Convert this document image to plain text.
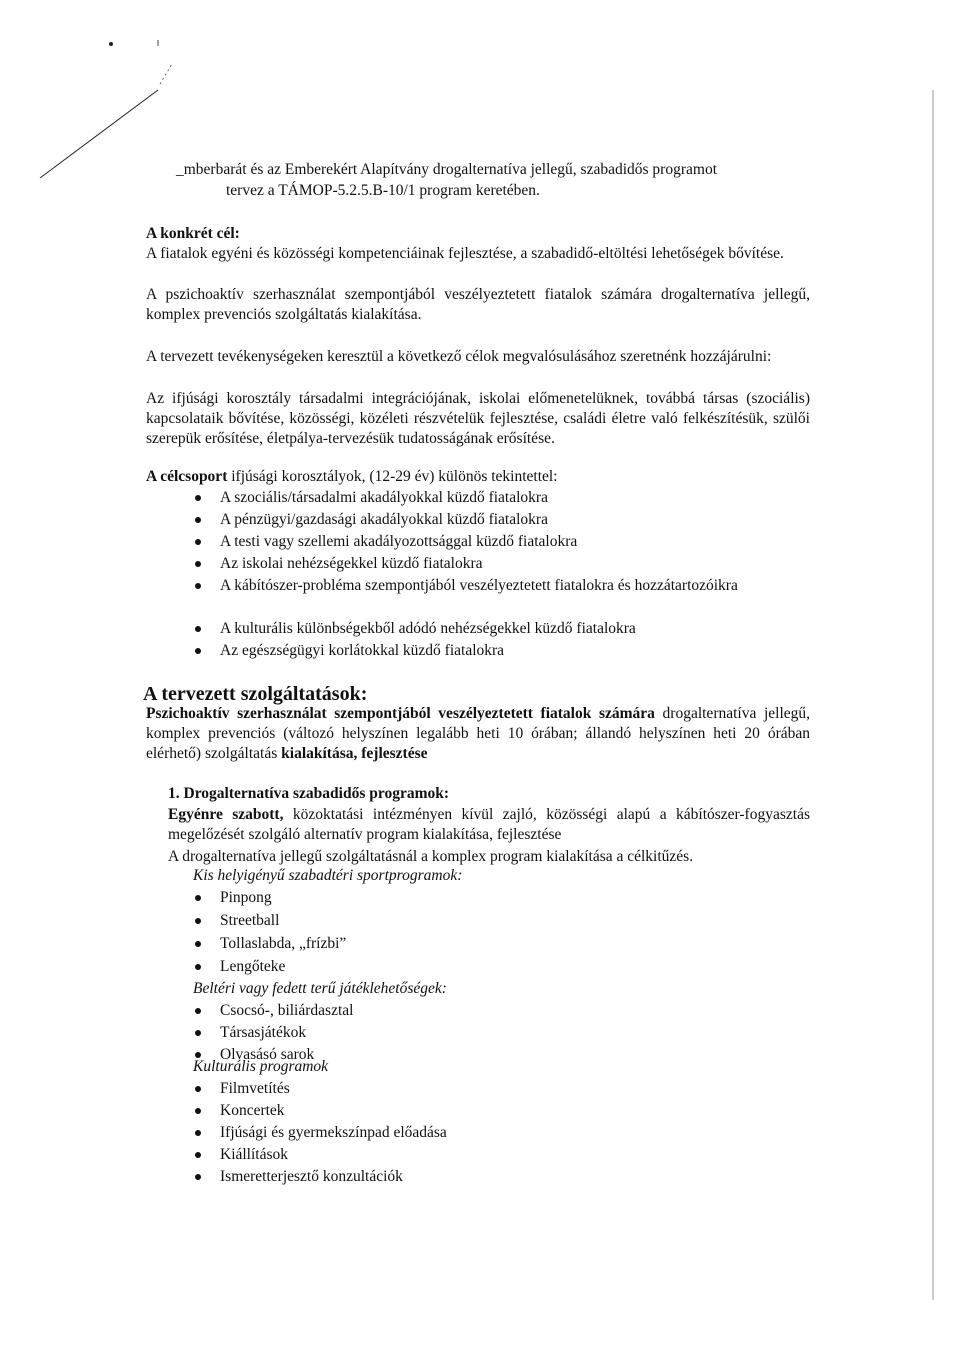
_mberbarát és az Emberekért Alapítvány drogalternatíva jellegű, szabadidős programot
tervez a TÁMOP-5.2.5.B-10/1 program keretében.
A konkrét cél:
A fiatalok egyéni és közösségi kompetenciáinak fejlesztése, a szabadidő-eltöltési lehetőségek bővítése.
A pszichoaktív szerhasználat szempontjából veszélyeztetett fiatalok számára drogalternatíva jellegű, komplex prevenciós szolgáltatás kialakítása.
A tervezett tevékenységeken keresztül a következő célok megvalósulásához szeretnénk hozzájárulni:
Az ifjúsági korosztály társadalmi integrációjának, iskolai előmenetelüknek, továbbá társas (szociális) kapcsolataik bővítése, közösségi, közéleti részvételük fejlesztése, családi életre való felkészítésük, szülői szerepük erősítése, életpálya-tervezésük tudatosságának erősítése.
A célcsoport ifjúsági korosztályok, (12-29 év) különös tekintettel:
A szociális/társadalmi akadályokkal küzdő fiatalokra
A pénzügyi/gazdasági akadályokkal küzdő fiatalokra
A testi vagy szellemi akadályozottsággal küzdő fiatalokra
Az iskolai nehézségekkel küzdő fiatalokra
A kábítószer-probléma szempontjából veszélyeztetett fiatalokra és hozzátartozóikra
A kulturális különbségekből adódó nehézségekkel küzdő fiatalokra
Az egészségügyi korlátokkal küzdő fiatalokra
A tervezett szolgáltatások:
Pszichoaktív szerhasználat szempontjából veszélyeztetett fiatalok számára drogalternatíva jellegű, komplex prevenciós (változó helyszínen legalább heti 10 órában; állandó helyszínen heti 20 órában elérhető) szolgáltatás kialakítása, fejlesztése
1. Drogalternatíva szabadidős programok:
Egyénre szabott, közoktatási intézményen kívül zajló, közösségi alapú a kábítószer-fogyasztás megelőzését szolgáló alternatív program kialakítása, fejlesztése
A drogalternatíva jellegű szolgáltatásnál a komplex program kialakítása a célkitűzés.
Kis helyigényű szabadtéri sportprogramok:
Pinpong
Streetball
Tollaslabda, „frízbi”
Lengőteke
Beltéri vagy fedett terű játéklehetőségek:
Csocsó-, biliárdasztal
Társasjátékok
Olvasásó sarok
Kulturális programok
Filmvetítés
Koncertek
Ifjúsági és gyermekszínpad előadása
Kiállítások
Ismeretterjesztő konzultációk
